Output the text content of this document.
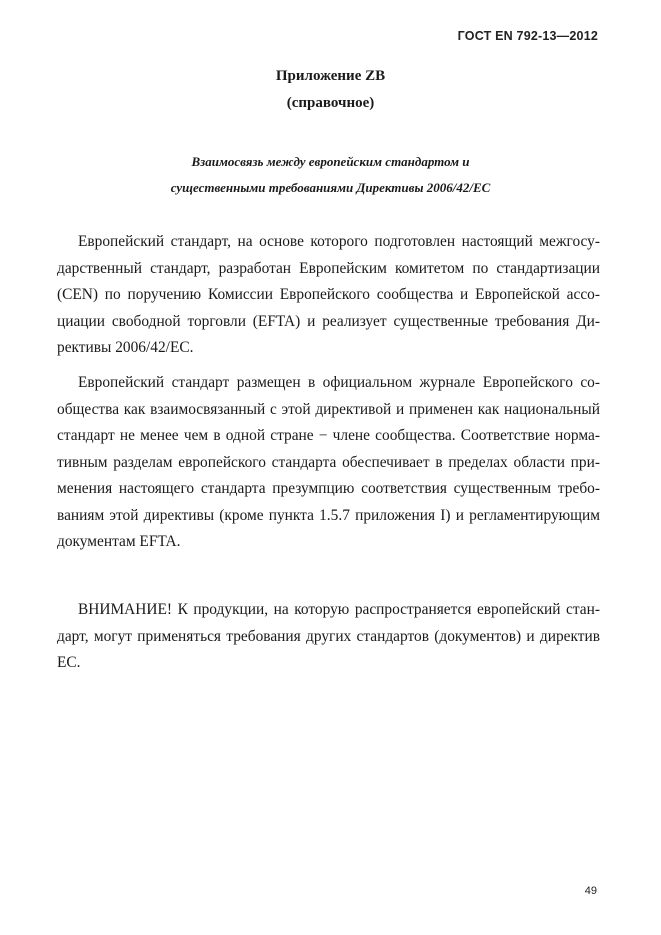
ГОСТ EN 792-13—2012
Приложение ZB
(справочное)
Взаимосвязь между европейским стандартом и
существенными требованиями Директивы 2006/42/EC

Европейский стандарт, на основе которого подготовлен настоящий межгосударственный стандарт, разработан Европейским комитетом по стандартизации (CEN) по поручению Комиссии Европейского сообщества и Европейской ассоциации свободной торговли (EFTA) и реализует существенные требования Директивы 2006/42/EC.

Европейский стандарт размещен в официальном журнале Европейского сообщества как взаимосвязанный с этой директивой и применен как национальный стандарт не менее чем в одной стране − члене сообщества. Соответствие нормативным разделам европейского стандарта обеспечивает в пределах области применения настоящего стандарта презумпцию соответствия существенным требованиям этой директивы (кроме пункта 1.5.7 приложения I) и регламентирующим документам EFTA.

ВНИМАНИЕ! К продукции, на которую распространяется европейский стандарт, могут применяться требования других стандартов (документов) и директив EC.

49
